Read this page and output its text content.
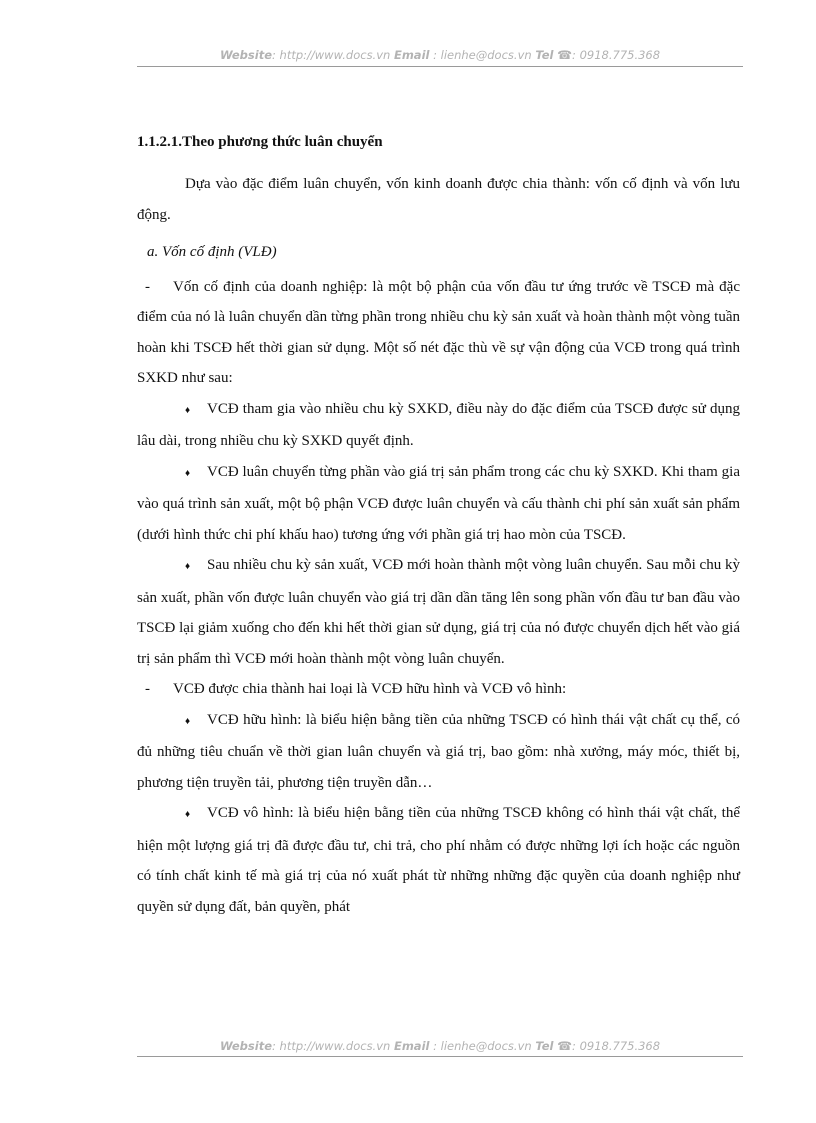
Website: http://www.docs.vn Email : lienhe@docs.vn Tel ☎: 0918.775.368

1.1.2.1.Theo phương thức luân chuyển

Dựa vào đặc điểm luân chuyển, vốn kinh doanh được chia thành: vốn cố định và vốn lưu động.

a. Vốn cố định (VLĐ)

- Vốn cố định của doanh nghiệp: là một bộ phận của vốn đầu tư ứng trước về TSCĐ mà đặc điểm của nó là luân chuyển dần từng phần trong nhiều chu kỳ sản xuất và hoàn thành một vòng tuần hoàn khi TSCĐ hết thời gian sử dụng. Một số nét đặc thù về sự vận động của VCĐ trong quá trình SXKD như sau:

♦ VCĐ tham gia vào nhiều chu kỳ SXKD, điều này do đặc điểm của TSCĐ được sử dụng lâu dài, trong nhiều chu kỳ SXKD quyết định.

♦ VCĐ luân chuyển từng phần vào giá trị sản phẩm trong các chu kỳ SXKD. Khi tham gia vào quá trình sản xuất, một bộ phận VCĐ được luân chuyển và cấu thành chi phí sản xuất sản phẩm (dưới hình thức chi phí khấu hao) tương ứng với phần giá trị hao mòn của TSCĐ.

♦ Sau nhiều chu kỳ sản xuất, VCĐ mới hoàn thành một vòng luân chuyển. Sau mỗi chu kỳ sản xuất, phần vốn được luân chuyển vào giá trị dần dần tăng lên song phần vốn đầu tư ban đầu vào TSCĐ lại giảm xuống cho đến khi hết thời gian sử dụng, giá trị của nó được chuyển dịch hết vào giá trị sản phẩm thì VCĐ mới hoàn thành một vòng luân chuyển.

- VCĐ được chia thành hai loại là VCĐ hữu hình và VCĐ vô hình:

♦ VCĐ hữu hình: là biểu hiện bằng tiền của những TSCĐ có hình thái vật chất cụ thể, có đủ những tiêu chuẩn về thời gian luân chuyển và giá trị, bao gồm: nhà xưởng, máy móc, thiết bị, phương tiện truyền tải, phương tiện truyền dẫn…

♦ VCĐ vô hình: là biểu hiện bằng tiền của những TSCĐ không có hình thái vật chất, thể hiện một lượng giá trị đã được đầu tư, chi trả, cho phí nhằm có được những lợi ích hoặc các nguồn có tính chất kinh tế mà giá trị của nó xuất phát từ những những đặc quyền của doanh nghiệp như quyền sử dụng đất, bản quyền, phát

Website: http://www.docs.vn Email : lienhe@docs.vn Tel ☎: 0918.775.368
